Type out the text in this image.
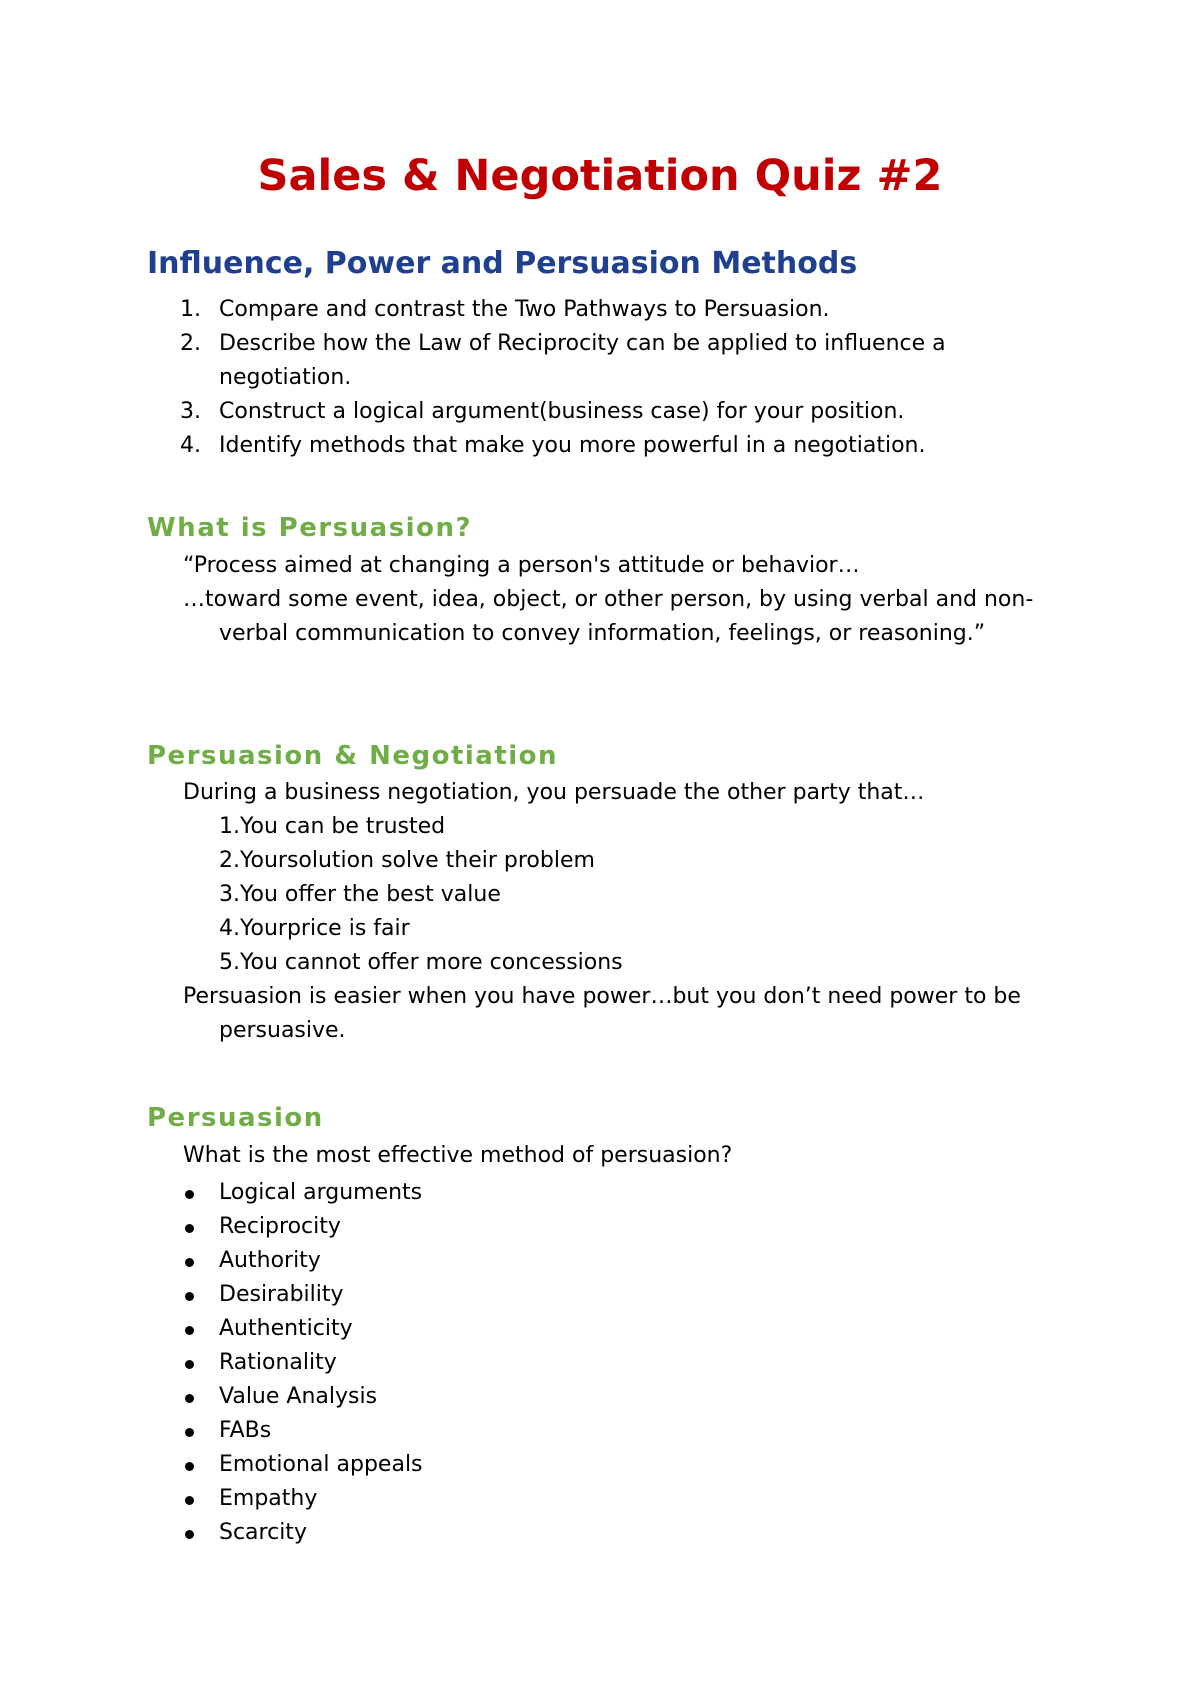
Sales & Negotiation Quiz #2
Influence, Power and Persuasion Methods
1. Compare and contrast the Two Pathways to Persuasion.
2. Describe how the Law of Reciprocity can be applied to influence a negotiation.
3. Construct a logical argument(business case) for your position.
4. Identify methods that make you more powerful in a negotiation.
What is Persuasion?

“Process aimed at changing a person's attitude or behavior…

…toward some event, idea, object, or other person, by using verbal and non-verbal communication to convey information, feelings, or reasoning.”

Persuasion & Negotiation

During a business negotiation, you persuade the other party that…

1.You can be trusted
2.Yoursolution solve their problem
3.You offer the best value
4.Yourprice is fair
5.You cannot offer more concessions

Persuasion is easier when you have power…but you don’t need power to be persuasive.

Persuasion

What is the most effective method of persuasion?

Logical arguments
Reciprocity
Authority
Desirability
Authenticity
Rationality
Value Analysis
FABs
Emotional appeals
Empathy
Scarcity
